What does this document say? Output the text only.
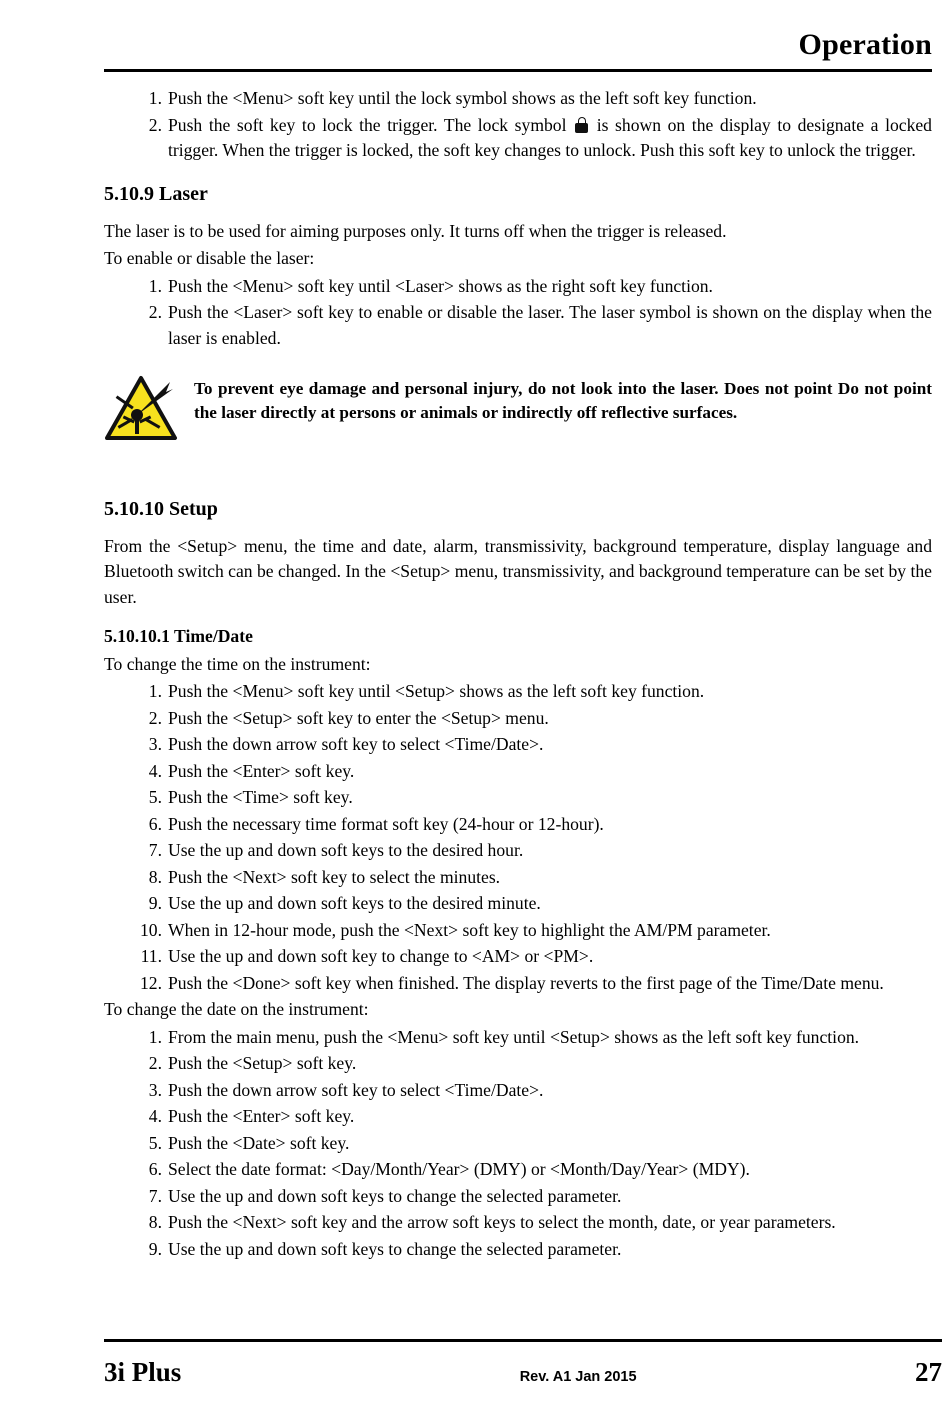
Operation
1. Push the <Menu> soft key until the lock symbol shows as the left soft key function.
2. Push the soft key to lock the trigger. The lock symbol is shown on the display to designate a locked trigger. When the trigger is locked, the soft key changes to unlock. Push this soft key to unlock the trigger.
5.10.9 Laser

The laser is to be used for aiming purposes only. It turns off when the trigger is released.

To enable or disable the laser:

1. Push the <Menu> soft key until <Laser> shows as the right soft key function.
2. Push the <Laser> soft key to enable or disable the laser. The laser symbol is shown on the display when the laser is enabled.
To prevent eye damage and personal injury, do not look into the laser. Does not point Do not point the laser directly at persons or animals or indirectly off reflective surfaces.
5.10.10 Setup

From the <Setup> menu, the time and date, alarm, transmissivity, background temperature, display language and Bluetooth switch can be changed. In the <Setup> menu, transmissivity, and background temperature can be set by the user.

5.10.10.1 Time/Date

To change the time on the instrument:

1. Push the <Menu> soft key until <Setup> shows as the left soft key function.
2. Push the <Setup> soft key to enter the <Setup> menu.
3. Push the down arrow soft key to select <Time/Date>.
4. Push the <Enter> soft key.
5. Push the <Time> soft key.
6. Push the necessary time format soft key (24-hour or 12-hour).
7. Use the up and down soft keys to the desired hour.
8. Push the <Next> soft key to select the minutes.
9. Use the up and down soft keys to the desired minute.
10. When in 12-hour mode, push the <Next> soft key to highlight the AM/PM parameter.
11. Use the up and down soft key to change to <AM> or <PM>.
12. Push the <Done> soft key when finished. The display reverts to the first page of the Time/Date menu.

To change the date on the instrument:

1. From the main menu, push the <Menu> soft key until <Setup> shows as the left soft key function.
2. Push the <Setup> soft key.
3. Push the down arrow soft key to select <Time/Date>.
4. Push the <Enter> soft key.
5. Push the <Date> soft key.
6. Select the date format: <Day/Month/Year> (DMY) or <Month/Day/Year> (MDY).
7. Use the up and down soft keys to change the selected parameter.
8. Push the <Next> soft key and the arrow soft keys to select the month, date, or year parameters.
9. Use the up and down soft keys to change the selected parameter.
3i Plus	Rev. A1 Jan 2015	27
